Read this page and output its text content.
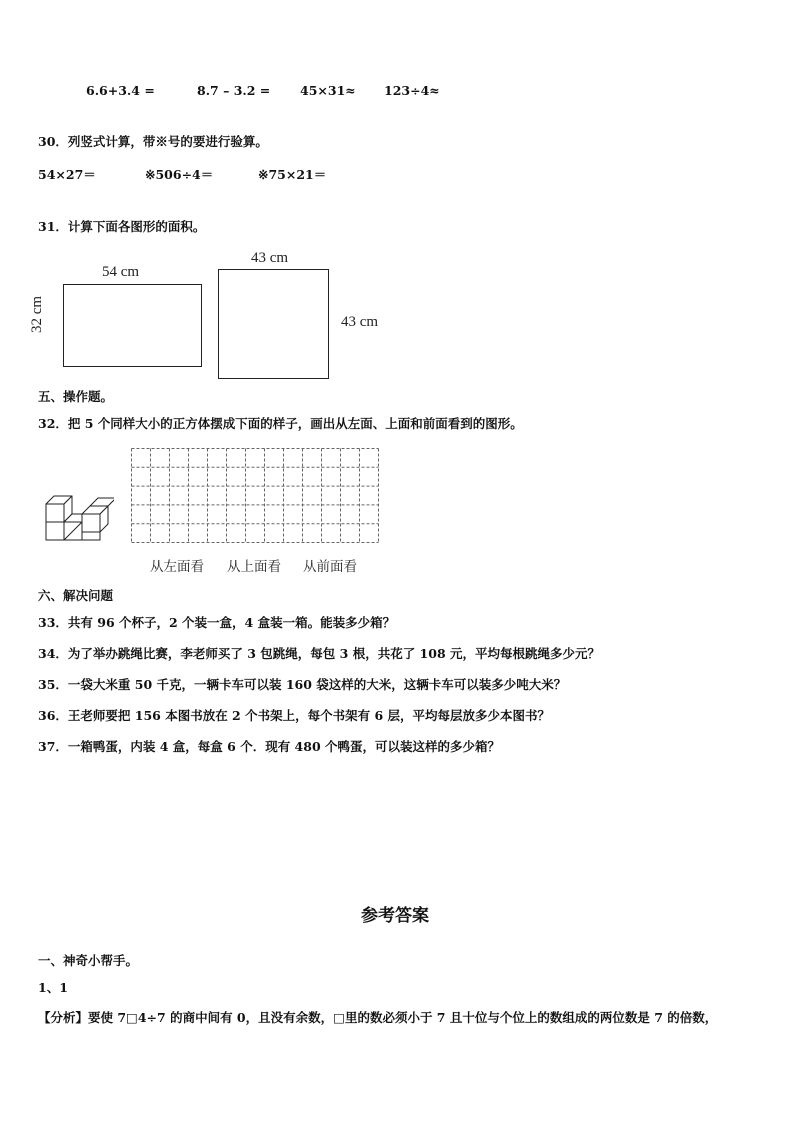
6.6+3.4 =	8.7 – 3.2 = 45×31≈ 123÷4≈
30．列竖式计算，带※号的要进行验算。
54×27＝	※506÷4＝	※75×21＝
31．计算下面各图形的面积。
54 cm
32 cm
43 cm
43 cm
五、操作题。
32．把 5 个同样大小的正方体摆成下面的样子，画出从左面、上面和前面看到的图形。
从左面看 从上面看 从前面看
六、解决问题
33．共有 96 个杯子，2 个装一盒，4 盒装一箱。能装多少箱？
34．为了举办跳绳比赛，李老师买了 3 包跳绳，每包 3 根，共花了 108 元，平均每根跳绳多少元？
35．一袋大米重 50 千克，一辆卡车可以装 160 袋这样的大米，这辆卡车可以装多少吨大米？
36．王老师要把 156 本图书放在 2 个书架上，每个书架有 6 层，平均每层放多少本图书？
37．一箱鸭蛋，内装 4 盒，每盒 6 个．现有 480 个鸭蛋，可以装这样的多少箱？
参考答案
一、神奇小帮手。
1、1
【分析】要使 7□4÷7 的商中间有 0，且没有余数，□里的数必须小于 7 且十位与个位上的数组成的两位数是 7 的倍数，
